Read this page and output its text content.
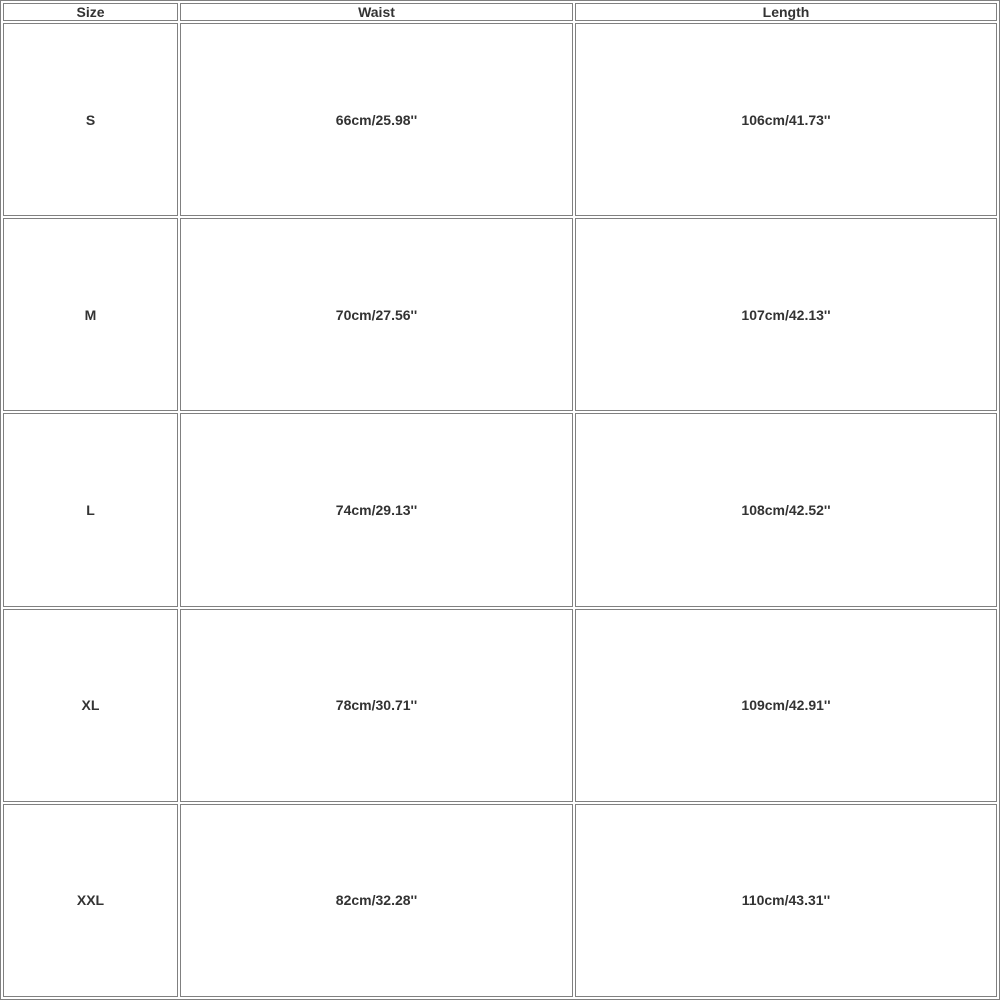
Size	Waist	Length
S	66cm/25.98''	106cm/41.73''
M	70cm/27.56''	107cm/42.13''
L	74cm/29.13''	108cm/42.52''
XL	78cm/30.71''	109cm/42.91''
XXL	82cm/32.28''	110cm/43.31''
